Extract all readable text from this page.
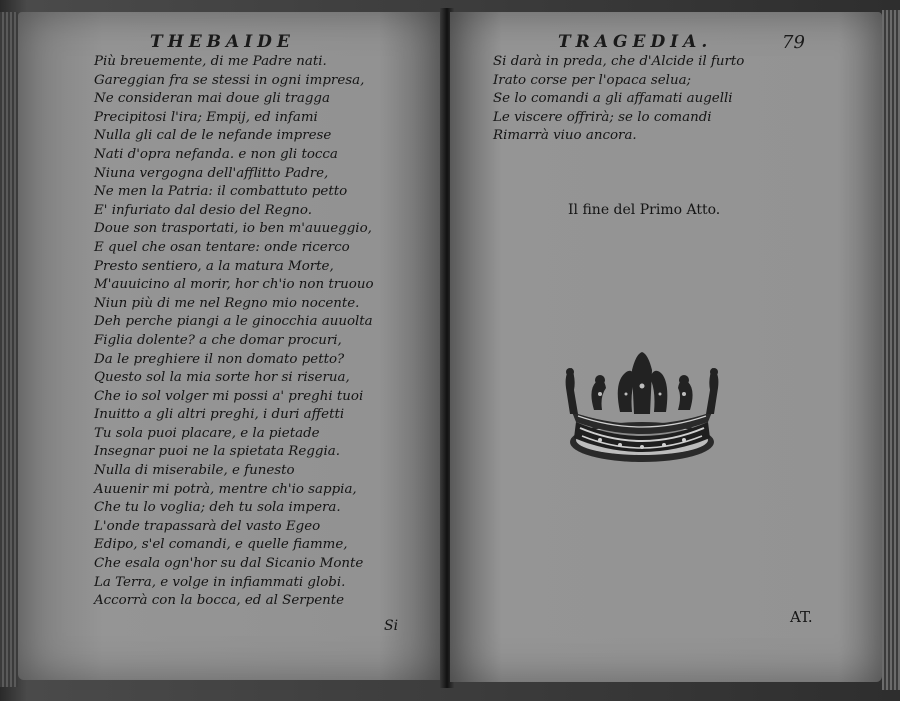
THEBAIDE
Più breuemente, di me Padre nati.
Gareggian fra se stessi in ogni impresa,
Ne consideran mai doue gli tragga
Precipitosi l'ira; Empij, ed infami
Nulla gli cal de le nefande imprese
Nati d'opra nefanda. e non gli tocca
Niuna vergogna dell'afflitto Padre,
Ne men la Patria: il combattuto petto
E' infuriato dal desio del Regno.
Doue son trasportati, io ben m'auueggio,
E quel che osan tentare: onde ricerco
Presto sentiero, a la matura Morte,
M'auuicino al morir, hor ch'io non truouo
Niun più di me nel Regno mio nocente.
Deh perche piangi a le ginocchia auuolta
Figlia dolente? a che domar procuri,
Da le preghiere il non domato petto?
Questo sol la mia sorte hor si riserua,
Che io sol volger mi possi a' preghi tuoi
Inuitto a gli altri preghi, i duri affetti
Tu sola puoi placare, e la pietade
Insegnar puoi ne la spietata Reggia.
Nulla di miserabile, e funesto
Auuenir mi potrà, mentre ch'io sappia,
Che tu lo voglia; deh tu sola impera.
L'onde trapassarà del vasto Egeo
Edipo, s'el comandi, e quelle fiamme,
Che esala ogn'hor su dal Sicanio Monte
La Terra, e volge in infiammati globi.
Accorrà con la bocca, ed al Serpente
Si
TRAGEDIA.	79
Si darà in preda, che d'Alcide il furto
Irato corse per l'opaca selua;
Se lo comandi a gli affamati augelli
Le viscere offrirà; se lo comandi
Rimarrà viuo ancora.
Il fine del Primo Atto.
AT.
